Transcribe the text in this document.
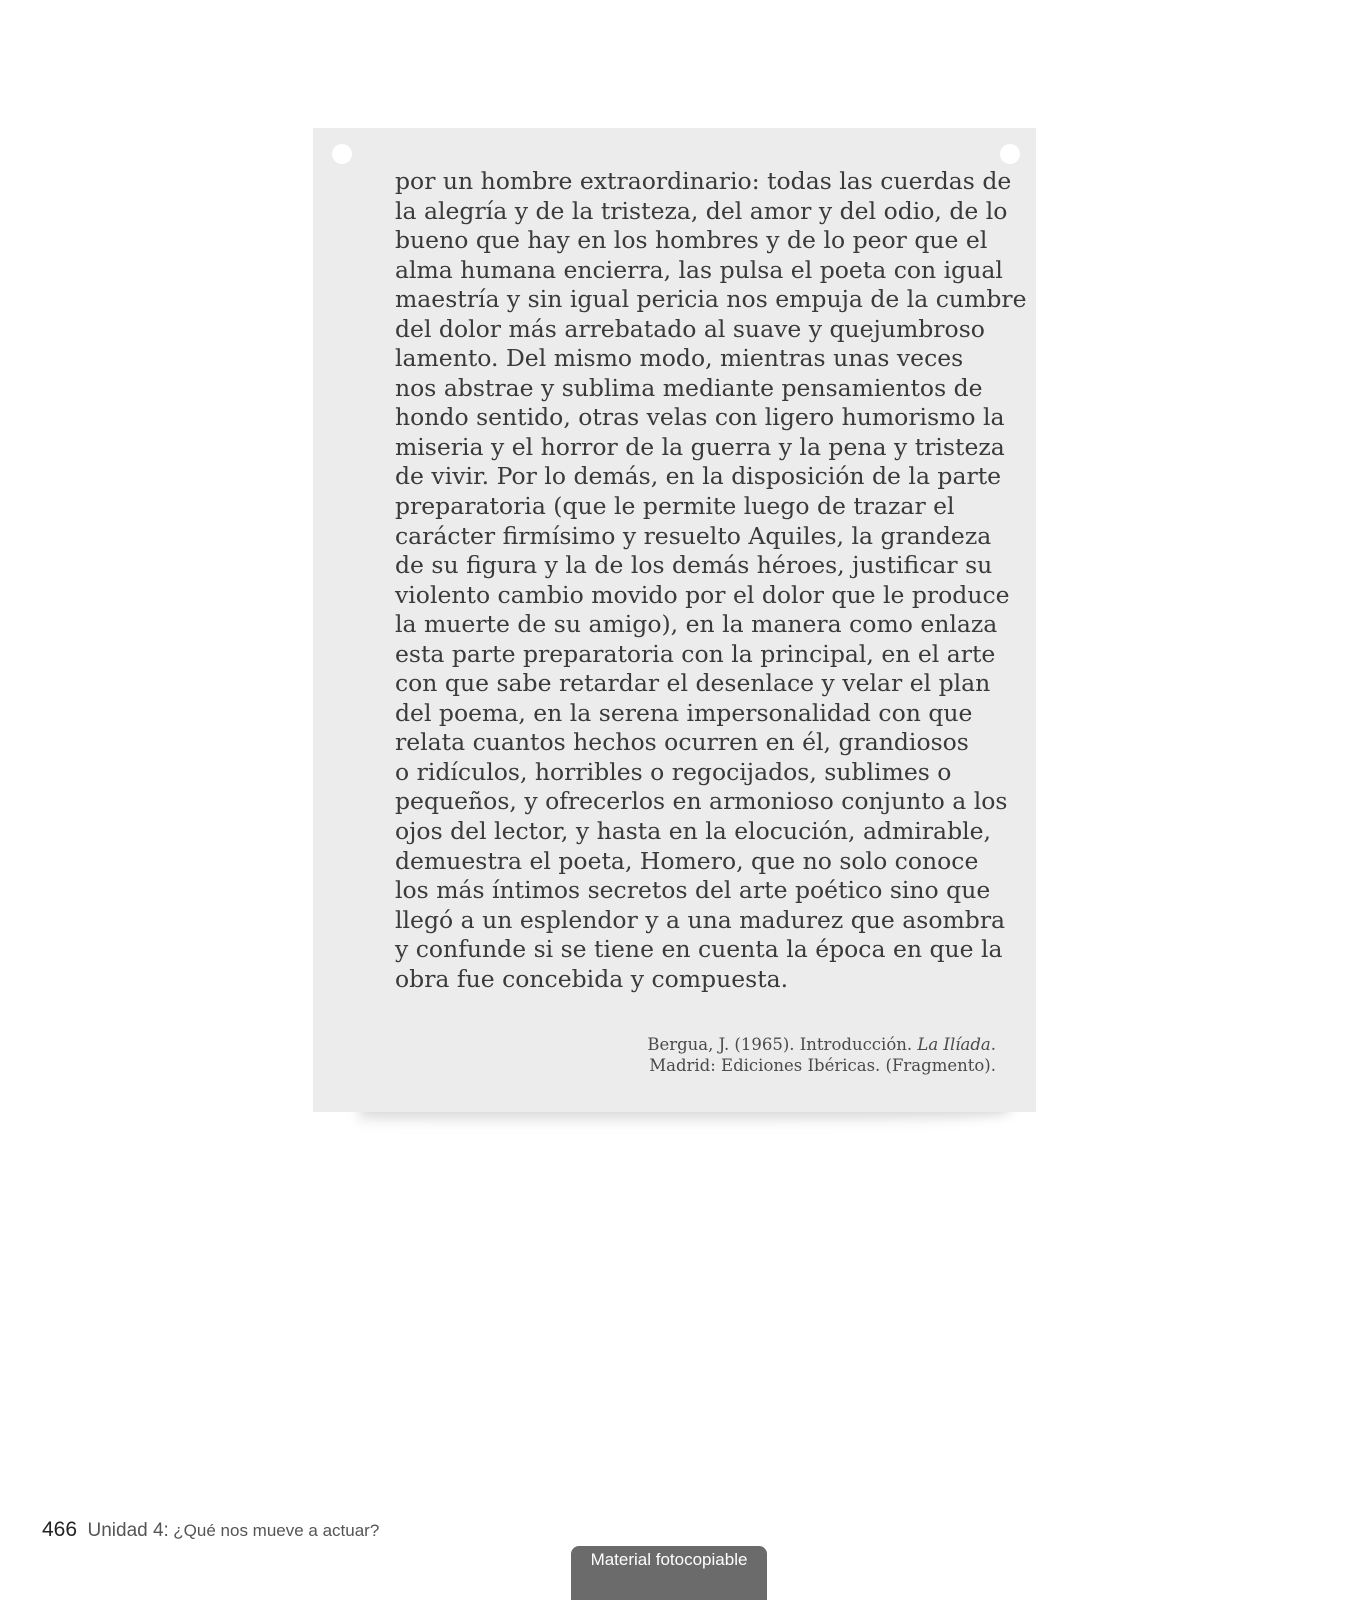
por un hombre extraordinario: todas las cuerdas de
la alegría y de la tristeza, del amor y del odio, de lo
bueno que hay en los hombres y de lo peor que el
alma humana encierra, las pulsa el poeta con igual
maestría y sin igual pericia nos empuja de la cumbre
del dolor más arrebatado al suave y quejumbroso
lamento. Del mismo modo, mientras unas veces
nos abstrae y sublima mediante pensamientos de
hondo sentido, otras velas con ligero humorismo la
miseria y el horror de la guerra y la pena y tristeza
de vivir. Por lo demás, en la disposición de la parte
preparatoria (que le permite luego de trazar el
carácter firmísimo y resuelto Aquiles, la grandeza
de su figura y la de los demás héroes, justificar su
violento cambio movido por el dolor que le produce
la muerte de su amigo), en la manera como enlaza
esta parte preparatoria con la principal, en el arte
con que sabe retardar el desenlace y velar el plan
del poema, en la serena impersonalidad con que
relata cuantos hechos ocurren en él, grandiosos
o ridículos, horribles o regocijados, sublimes o
pequeños, y ofrecerlos en armonioso conjunto a los
ojos del lector, y hasta en la elocución, admirable,
demuestra el poeta, Homero, que no solo conoce
los más íntimos secretos del arte poético sino que
llegó a un esplendor y a una madurez que asombra
y confunde si se tiene en cuenta la época en que la
obra fue concebida y compuesta.

Bergua, J. (1965). Introducción. La Ilíada.
Madrid: Ediciones Ibéricas. (Fragmento).
466 Unidad 4: ¿Qué nos mueve a actuar?
Material fotocopiable
